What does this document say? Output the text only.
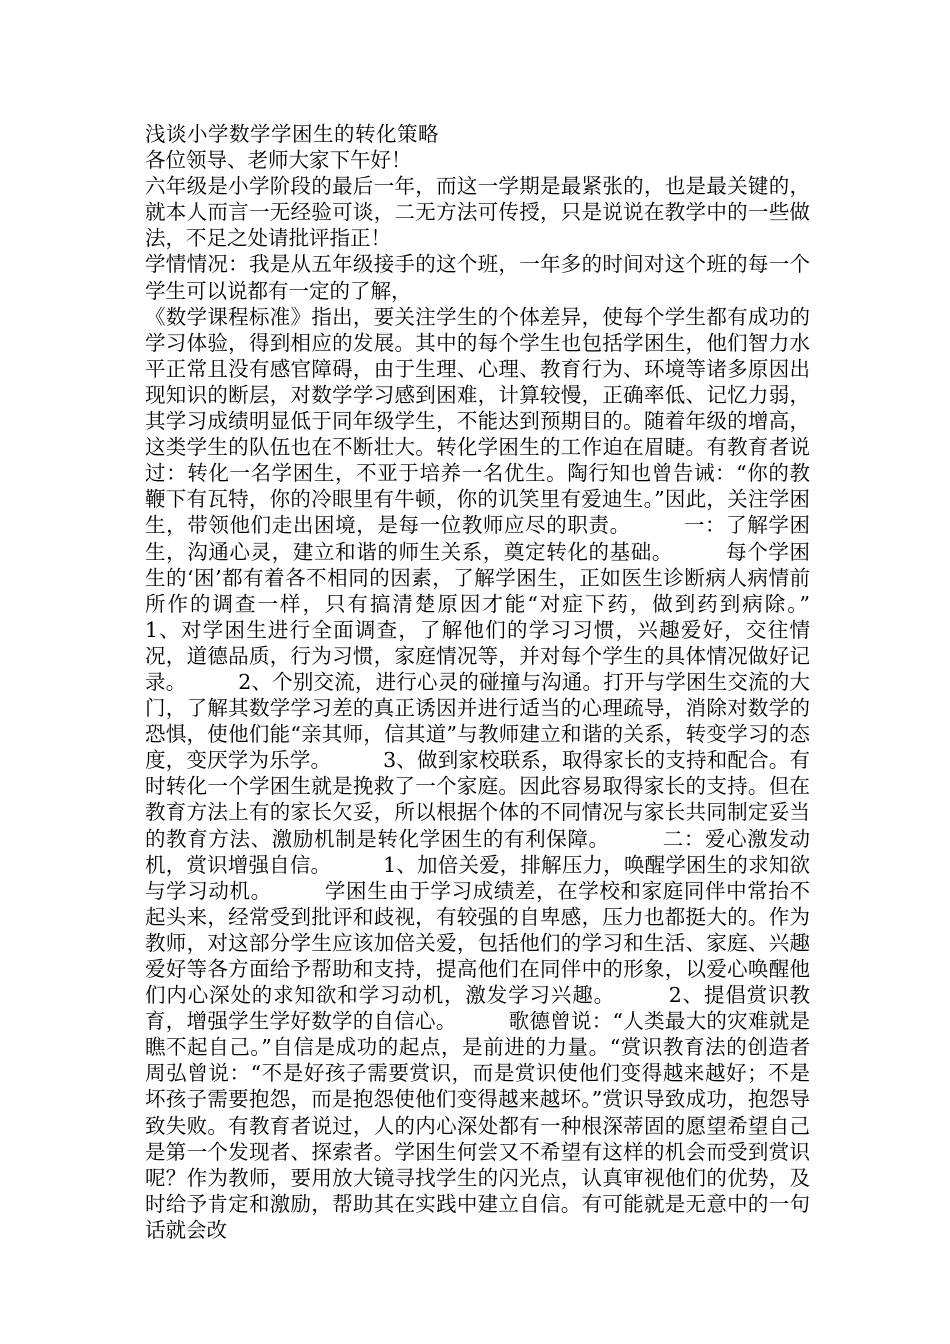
浅谈小学数学学困生的转化策略

各位领导、老师大家下午好！

六年级是小学阶段的最后一年，而这一学期是最紧张的，也是最关键的，就本人而言一无经验可谈，二无方法可传授，只是说说在教学中的一些做法，不足之处请批评指正！

学情情况：我是从五年级接手的这个班，一年多的时间对这个班的每一个学生可以说都有一定的了解，

《数学课程标准》指出，要关注学生的个体差异，使每个学生都有成功的学习体验，得到相应的发展。其中的每个学生也包括学困生，他们智力水平正常且没有感官障碍，由于生理、心理、教育行为、环境等诸多原因出现知识的断层，对数学学习感到困难，计算较慢，正确率低、记忆力弱，其学习成绩明显低于同年级学生，不能达到预期目的。随着年级的增高，这类学生的队伍也在不断壮大。转化学困生的工作迫在眉睫。有教育者说过：转化一名学困生，不亚于培养一名优生。陶行知也曾告诫：“你的教鞭下有瓦特，你的冷眼里有牛顿，你的讥笑里有爱迪生。”因此，关注学困生，带领他们走出困境，是每一位教师应尽的职责。　　　一：了解学困生，沟通心灵，建立和谐的师生关系，奠定转化的基础。　　　每个学困生的‘困’都有着各不相同的因素，了解学困生，正如医生诊断病人病情前所作的调查一样，只有搞清楚原因才能“对症下药，做到药到病除。”　　　1、对学困生进行全面调查，了解他们的学习习惯，兴趣爱好，交往情况，道德品质，行为习惯，家庭情况等，并对每个学生的具体情况做好记录。　　　2、个别交流，进行心灵的碰撞与沟通。打开与学困生交流的大门，了解其数学学习差的真正诱因并进行适当的心理疏导，消除对数学的恐惧，使他们能“亲其师，信其道”与教师建立和谐的关系，转变学习的态度，变厌学为乐学。　　　3、做到家校联系，取得家长的支持和配合。有时转化一个学困生就是挽救了一个家庭。因此容易取得家长的支持。但在教育方法上有的家长欠妥，所以根据个体的不同情况与家长共同制定妥当的教育方法、激励机制是转化学困生的有利保障。　　　二：爱心激发动机，赏识增强自信。　　　1、加倍关爱，排解压力，唤醒学困生的求知欲与学习动机。　　　学困生由于学习成绩差，在学校和家庭同伴中常抬不起头来，经常受到批评和歧视，有较强的自卑感，压力也都挺大的。作为教师，对这部分学生应该加倍关爱，包括他们的学习和生活、家庭、兴趣爱好等各方面给予帮助和支持，提高他们在同伴中的形象，以爱心唤醒他们内心深处的求知欲和学习动机，激发学习兴趣。　　　2、提倡赏识教育，增强学生学好数学的自信心。　　　歌德曾说：“人类最大的灾难就是瞧不起自己。”自信是成功的起点，是前进的力量。“赏识教育法的创造者周弘曾说：“不是好孩子需要赏识，而是赏识使他们变得越来越好；不是坏孩子需要抱怨，而是抱怨使他们变得越来越坏。”赏识导致成功，抱怨导致失败。有教育者说过，人的内心深处都有一种根深蒂固的愿望希望自己是第一个发现者、探索者。学困生何尝又不希望有这样的机会而受到赏识呢？作为教师，要用放大镜寻找学生的闪光点，认真审视他们的优势，及时给予肯定和激励，帮助其在实践中建立自信。有可能就是无意中的一句话就会改
